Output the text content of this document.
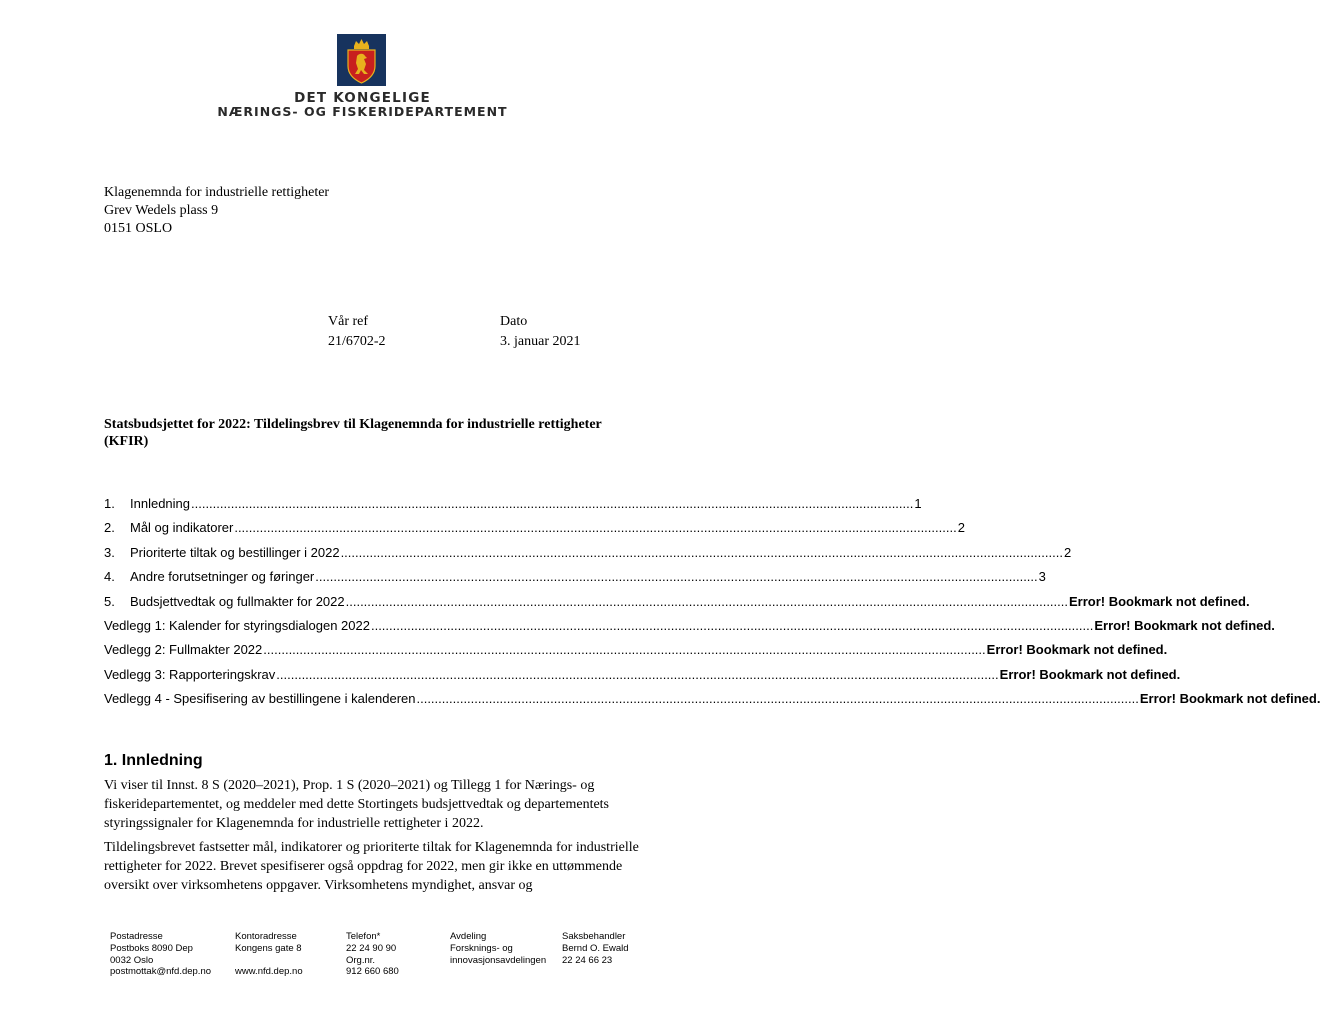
DET KONGELIGE
NÆRINGS- OG FISKERIDEPARTEMENT
Klagenemnda for industrielle rettigheter
Grev Wedels plass 9
0151 OSLO
Vår ref
21/6702-2
Dato
3. januar 2021
Statsbudsjettet for 2022: Tildelingsbrev til Klagenemnda for industrielle rettigheter (KFIR)
1.	Innledning ........................................................................................................................................................................................................ 1
2.	Mål og indikatorer ........................................................................................................................................................................................................ 2
3.	Prioriterte tiltak og bestillinger i 2022 ........................................................................................................................................................................................................ 2
4.	Andre forutsetninger og føringer ........................................................................................................................................................................................................ 3
5.	Budsjettvedtak og fullmakter for 2022 ........................................................................................................................................................................................................ Error! Bookmark not defined.
Vedlegg 1: Kalender for styringsdialogen 2022 ........................................................................................................................................................................................................ Error! Bookmark not defined.
Vedlegg 2: Fullmakter 2022 ........................................................................................................................................................................................................ Error! Bookmark not defined.
Vedlegg 3: Rapporteringskrav ........................................................................................................................................................................................................ Error! Bookmark not defined.
Vedlegg 4 - Spesifisering av bestillingene i kalenderen ........................................................................................................................................................................................................ Error! Bookmark not defined.
1. Innledning
Vi viser til Innst. 8 S (2020–2021), Prop. 1 S (2020–2021) og Tillegg 1 for Nærings- og fiskeridepartementet, og meddeler med dette Stortingets budsjettvedtak og departementets styringssignaler for Klagenemnda for industrielle rettigheter i 2022.
Tildelingsbrevet fastsetter mål, indikatorer og prioriterte tiltak for Klagenemnda for industrielle rettigheter for 2022. Brevet spesifiserer også oppdrag for 2022, men gir ikke en uttømmende oversikt over virksomhetens oppgaver. Virksomhetens myndighet, ansvar og
Postadresse
Postboks 8090 Dep
0032 Oslo
postmottak@nfd.dep.no
Kontoradresse
Kongens gate 8

www.nfd.dep.no
Telefon*
22 24 90 90
Org.nr.
912 660 680
Avdeling
Forsknings- og
innovasjonsavdelingen
Saksbehandler
Bernd O. Ewald
22 24 66 23
